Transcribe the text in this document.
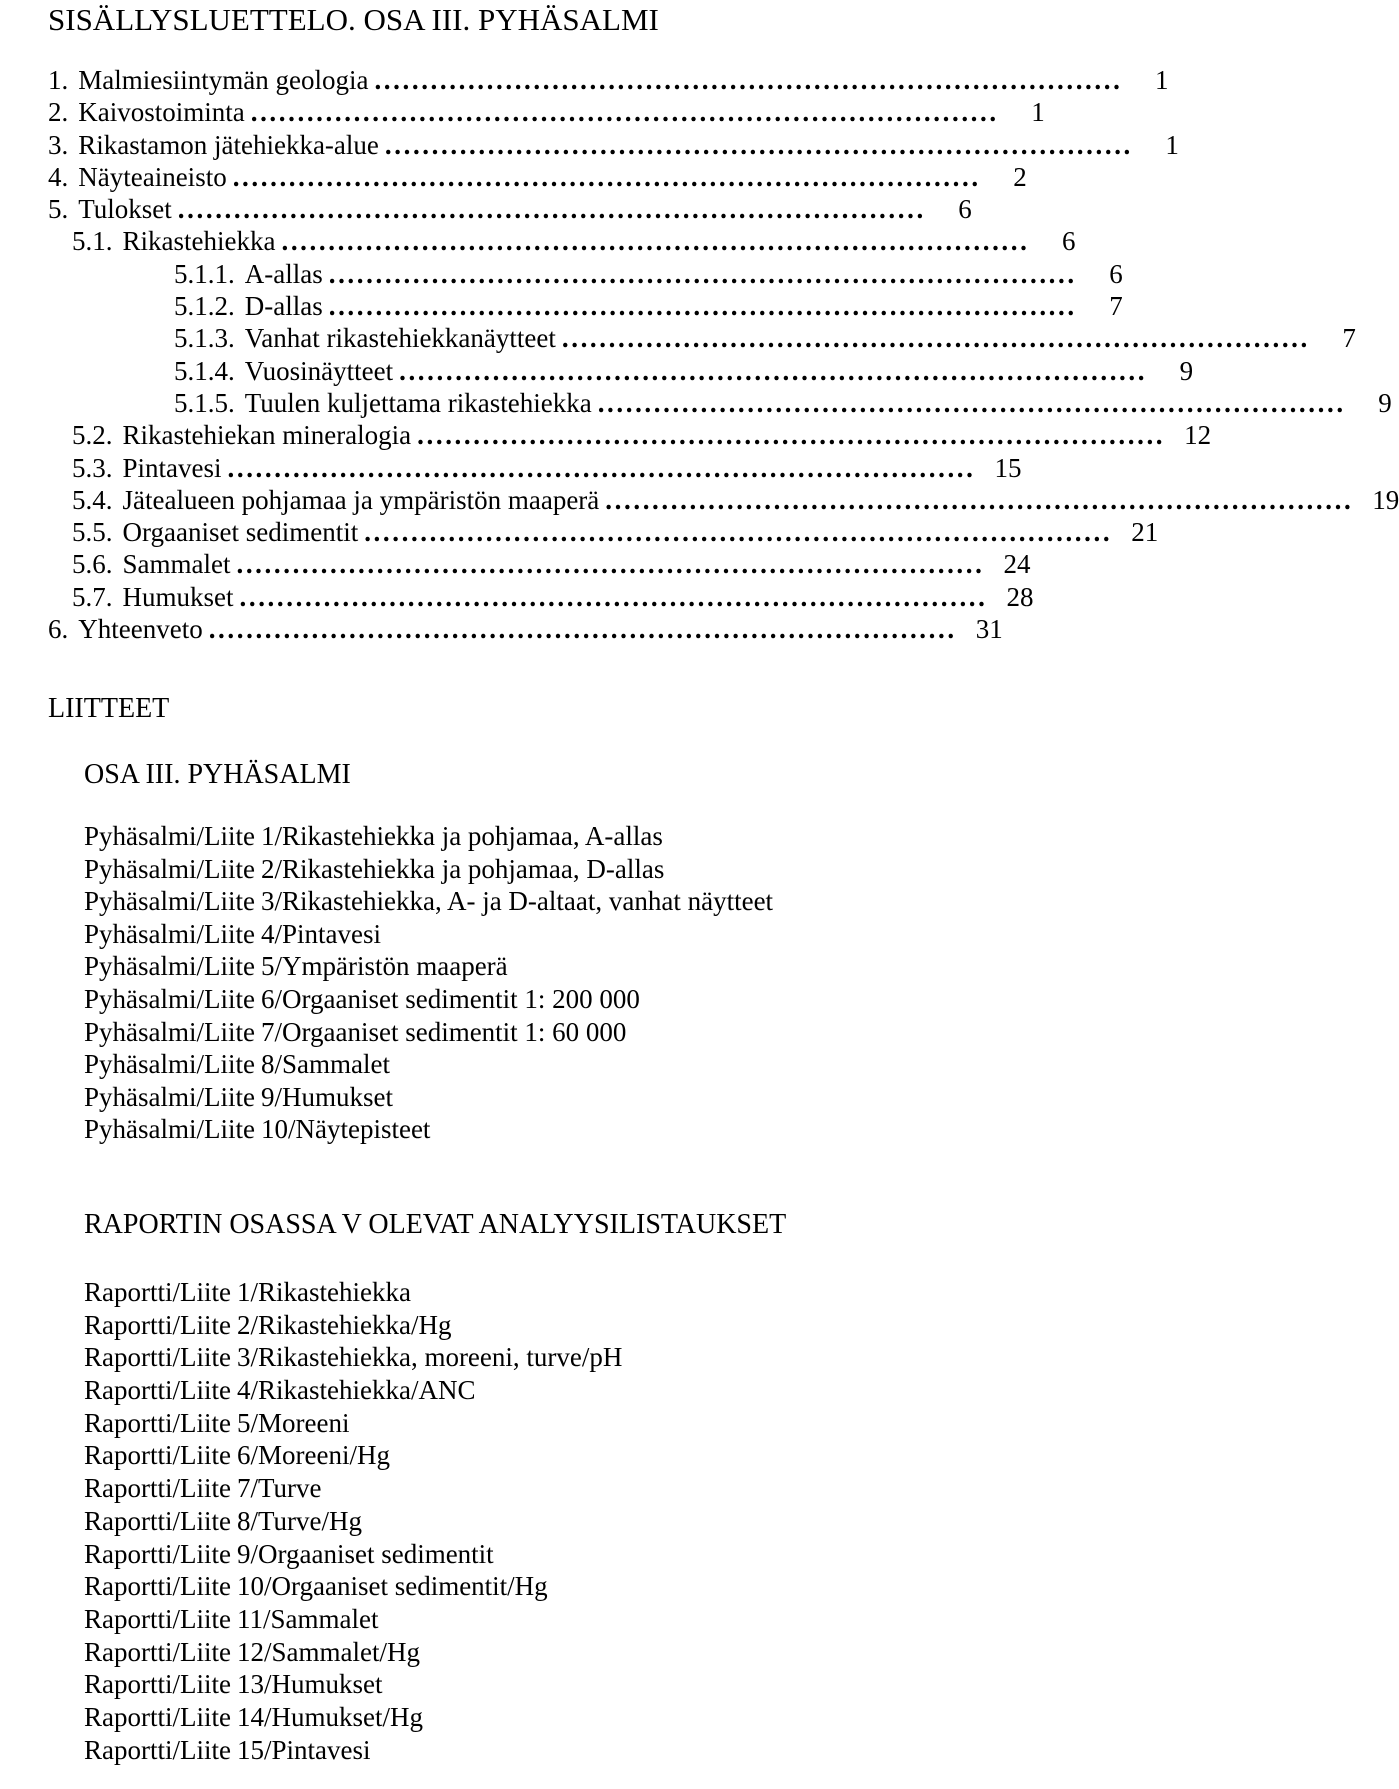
SISÄLLYSLUETTELO. OSA III. PYHÄSALMI
1. Malmiesiintymän geologia ................................................................................	1
2. Kaivostoiminta ................................................................................	1
3. Rikastamon jätehiekka-alue ................................................................................	1
4. Näyteaineisto ................................................................................	2
5. Tulokset ................................................................................	6
5.1. Rikastehiekka ................................................................................	6
5.1.1. A-allas ................................................................................	6
5.1.2. D-allas ................................................................................	7
5.1.3. Vanhat rikastehiekkanäytteet ................................................................................	7
5.1.4. Vuosinäytteet ................................................................................	9
5.1.5. Tuulen kuljettama rikastehiekka ................................................................................	9
5.2. Rikastehiekan mineralogia ................................................................................ 12
5.3. Pintavesi ................................................................................ 15
5.4. Jätealueen pohjamaa ja ympäristön maaperä ................................................................................ 19
5.5. Orgaaniset sedimentit ................................................................................ 21
5.6. Sammalet ................................................................................ 24
5.7. Humukset ................................................................................ 28
6. Yhteenveto ................................................................................ 31
LIITTEET
OSA III. PYHÄSALMI
Pyhäsalmi/Liite 1/Rikastehiekka ja pohjamaa, A-allas
Pyhäsalmi/Liite 2/Rikastehiekka ja pohjamaa, D-allas
Pyhäsalmi/Liite 3/Rikastehiekka, A- ja D-altaat, vanhat näytteet
Pyhäsalmi/Liite 4/Pintavesi
Pyhäsalmi/Liite 5/Ympäristön maaperä
Pyhäsalmi/Liite 6/Orgaaniset sedimentit 1: 200 000
Pyhäsalmi/Liite 7/Orgaaniset sedimentit 1: 60 000
Pyhäsalmi/Liite 8/Sammalet
Pyhäsalmi/Liite 9/Humukset
Pyhäsalmi/Liite 10/Näytepisteet
RAPORTIN OSASSA V OLEVAT ANALYYSILISTAUKSET
Raportti/Liite 1/Rikastehiekka
Raportti/Liite 2/Rikastehiekka/Hg
Raportti/Liite 3/Rikastehiekka, moreeni, turve/pH
Raportti/Liite 4/Rikastehiekka/ANC
Raportti/Liite 5/Moreeni
Raportti/Liite 6/Moreeni/Hg
Raportti/Liite 7/Turve
Raportti/Liite 8/Turve/Hg
Raportti/Liite 9/Orgaaniset sedimentit
Raportti/Liite 10/Orgaaniset sedimentit/Hg
Raportti/Liite 11/Sammalet
Raportti/Liite 12/Sammalet/Hg
Raportti/Liite 13/Humukset
Raportti/Liite 14/Humukset/Hg
Raportti/Liite 15/Pintavesi
